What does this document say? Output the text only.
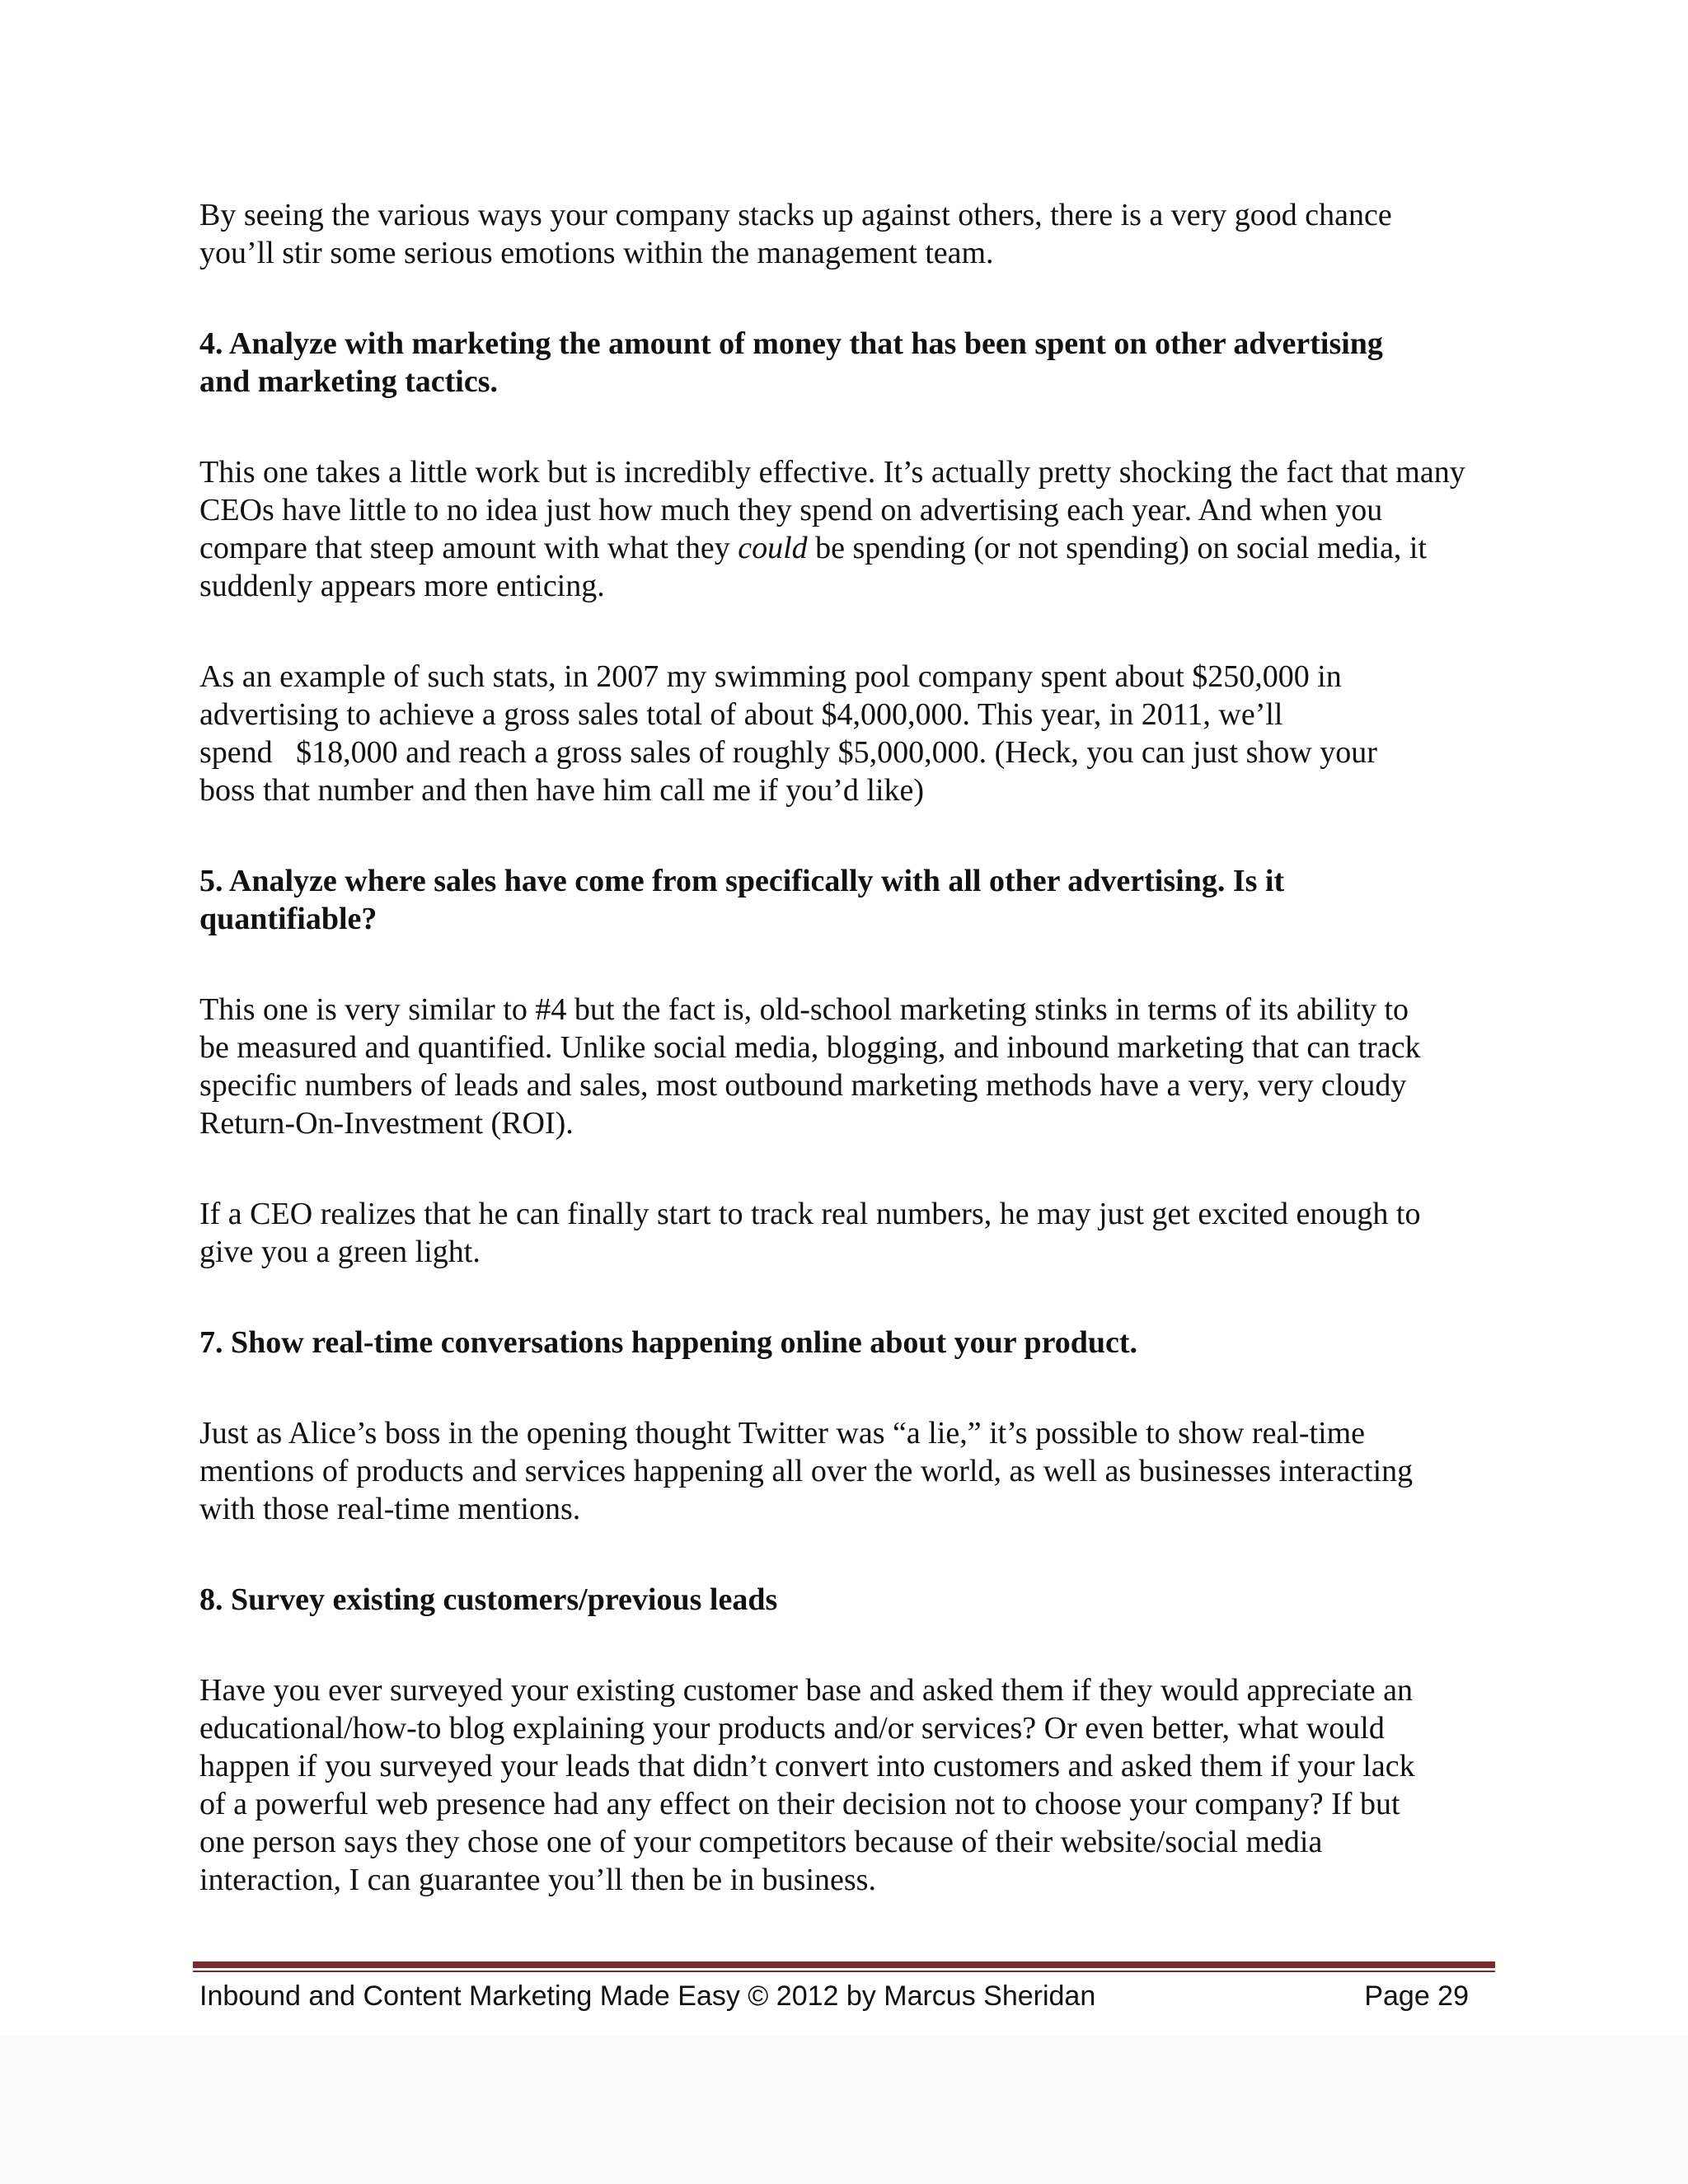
By seeing the various ways your company stacks up against others, there is a very good chance
you’ll stir some serious emotions within the management team.

4. Analyze with marketing the amount of money that has been spent on other advertising
and marketing tactics.

This one takes a little work but is incredibly effective. It’s actually pretty shocking the fact that many CEOs have little to no idea just how much they spend on advertising each year. And when you compare that steep amount with what they could be spending (or not spending) on social media, it suddenly appears more enticing.

As an example of such stats, in 2007 my swimming pool company spent about $250,000 in
advertising to achieve a gross sales total of about $4,000,000. This year, in 2011, we’ll
spend   $18,000 and reach a gross sales of roughly $5,000,000. (Heck, you can just show your
boss that number and then have him call me if you’d like)

5. Analyze where sales have come from specifically with all other advertising. Is it
quantifiable?

This one is very similar to #4 but the fact is, old-school marketing stinks in terms of its ability to
be measured and quantified. Unlike social media, blogging, and inbound marketing that can track
specific numbers of leads and sales, most outbound marketing methods have a very, very cloudy
Return-On-Investment (ROI).

If a CEO realizes that he can finally start to track real numbers, he may just get excited enough to
give you a green light.

7. Show real-time conversations happening online about your product.

Just as Alice’s boss in the opening thought Twitter was “a lie,” it’s possible to show real-time
mentions of products and services happening all over the world, as well as businesses interacting
with those real-time mentions.

8. Survey existing customers/previous leads

Have you ever surveyed your existing customer base and asked them if they would appreciate an
educational/how-to blog explaining your products and/or services? Or even better, what would
happen if you surveyed your leads that didn’t convert into customers and asked them if your lack
of a powerful web presence had any effect on their decision not to choose your company? If but
one person says they chose one of your competitors because of their website/social media
interaction, I can guarantee you’ll then be in business.

Inbound and Content Marketing Made Easy © 2012 by Marcus Sheridan	Page 29
